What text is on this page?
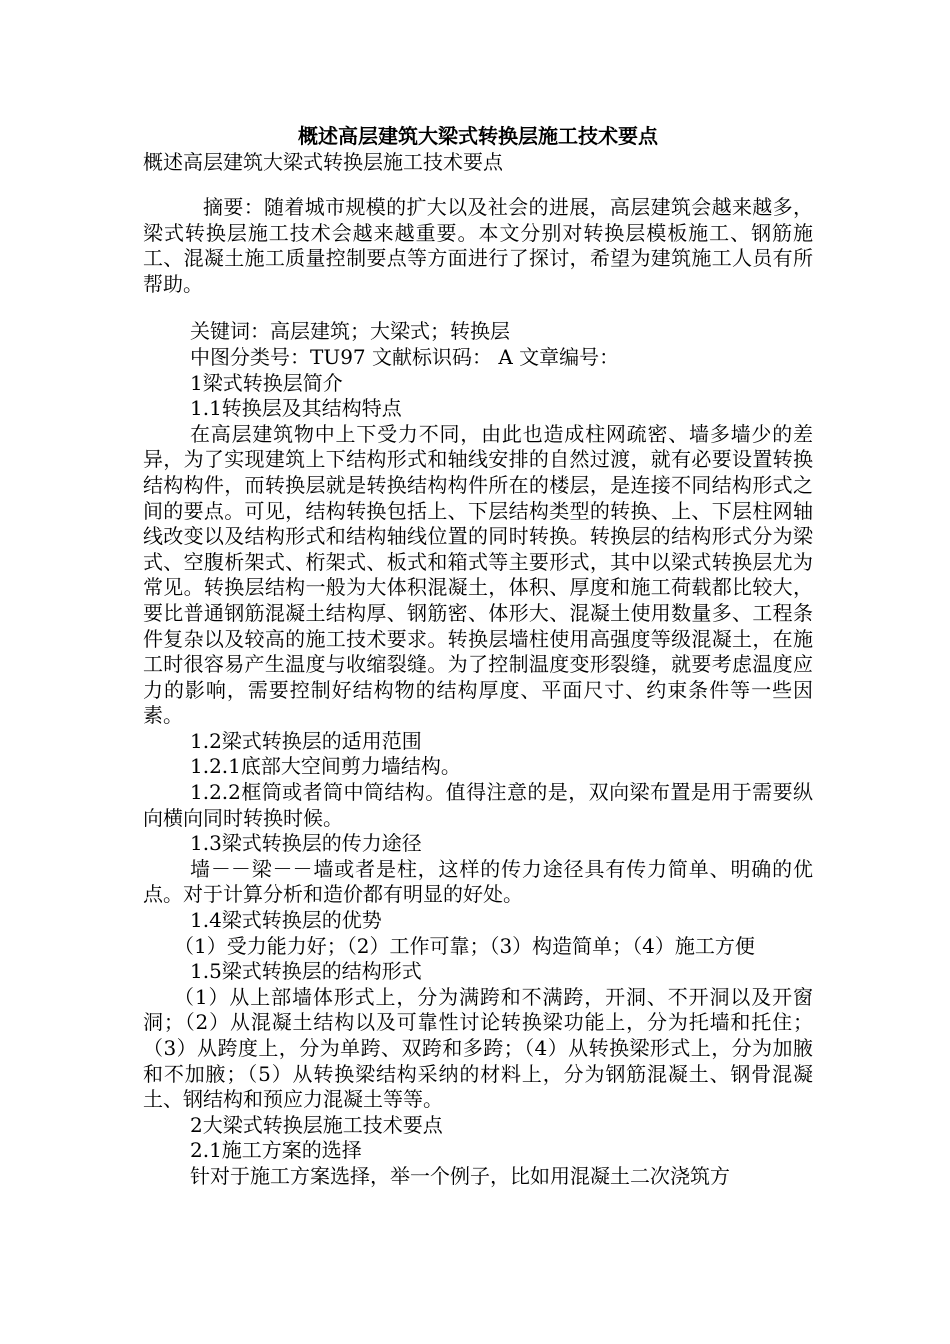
概述高层建筑大梁式转换层施工技术要点
概述高层建筑大梁式转换层施工技术要点

摘要：随着城市规模的扩大以及社会的进展，高层建筑会越来越多，梁式转换层施工技术会越来越重要。本文分别对转换层模板施工、钢筋施工、混凝土施工质量控制要点等方面进行了探讨，希望为建筑施工人员有所帮助。

关键词：高层建筑；大梁式；转换层

中图分类号：TU97 文献标识码： A 文章编号：

1梁式转换层简介

1.1转换层及其结构特点

在高层建筑物中上下受力不同，由此也造成柱网疏密、墙多墙少的差异，为了实现建筑上下结构形式和轴线安排的自然过渡，就有必要设置转换结构构件，而转换层就是转换结构构件所在的楼层，是连接不同结构形式之间的要点。可见，结构转换包括上、下层结构类型的转换、上、下层柱网轴线改变以及结构形式和结构轴线位置的同时转换。转换层的结构形式分为梁式、空腹析架式、桁架式、板式和箱式等主要形式，其中以梁式转换层尤为常见。转换层结构一般为大体积混凝土，体积、厚度和施工荷载都比较大，要比普通钢筋混凝土结构厚、钢筋密、体形大、混凝土使用数量多、工程条件复杂以及较高的施工技术要求。转换层墙柱使用高强度等级混凝土，在施工时很容易产生温度与收缩裂缝。为了控制温度变形裂缝，就要考虑温度应力的影响，需要控制好结构物的结构厚度、平面尺寸、约束条件等一些因素。

1.2梁式转换层的适用范围

1.2.1底部大空间剪力墙结构。

1.2.2框筒或者筒中筒结构。值得注意的是，双向梁布置是用于需要纵向横向同时转换时候。

1.3梁式转换层的传力途径

墙－－梁－－墙或者是柱，这样的传力途径具有传力简单、明确的优点。对于计算分析和造价都有明显的好处。

1.4梁式转换层的优势

（1）受力能力好；（2）工作可靠；（3）构造简单；（4）施工方便

1.5梁式转换层的结构形式

（1）从上部墙体形式上，分为满跨和不满跨，开洞、不开洞以及开窗洞；（2）从混凝土结构以及可靠性讨论转换梁功能上，分为托墙和托住；（3）从跨度上，分为单跨、双跨和多跨；（4）从转换梁形式上，分为加腋和不加腋；（5）从转换梁结构采纳的材料上，分为钢筋混凝土、钢骨混凝土、钢结构和预应力混凝土等等。

2大梁式转换层施工技术要点

2.1施工方案的选择

针对于施工方案选择，举一个例子，比如用混凝土二次浇筑方
